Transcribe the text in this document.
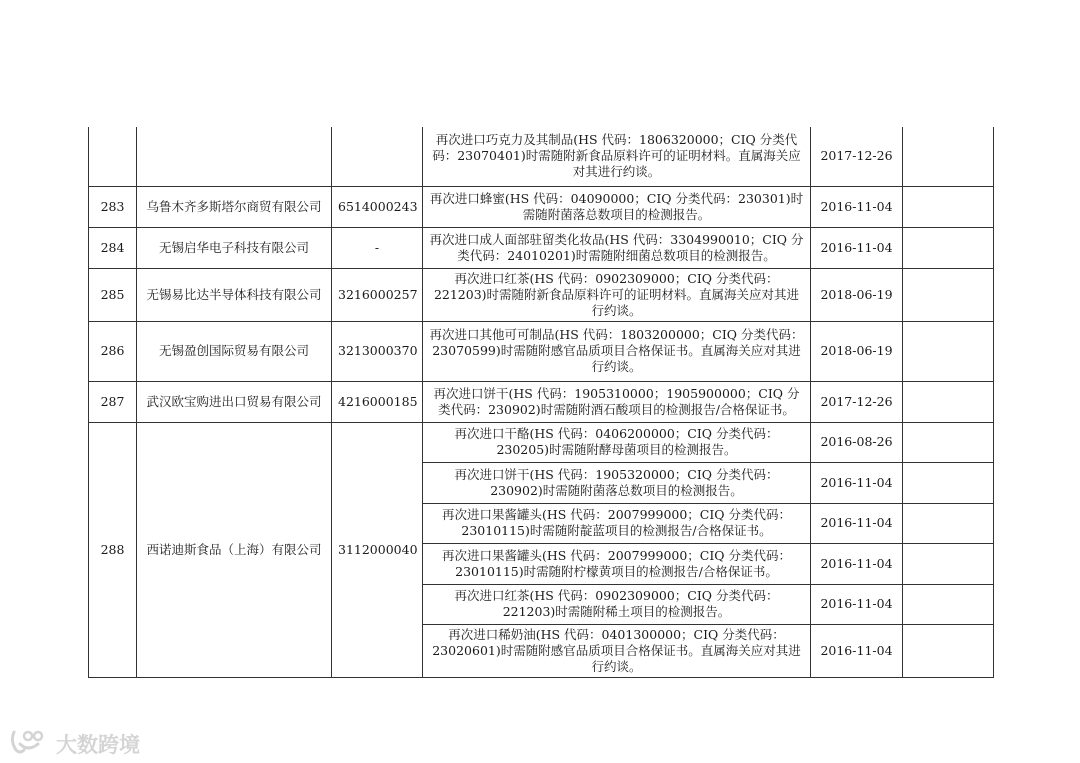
			再次进口巧克力及其制品(HS 代码：1806320000；CIQ 分类代码：23070401)时需随附新食品原料许可的证明材料。直属海关应对其进行约谈。	2017-12-26	
283	乌鲁木齐多斯塔尔商贸有限公司	6514000243	再次进口蜂蜜(HS 代码：04090000；CIQ 分类代码：230301)时需随附菌落总数项目的检测报告。	2016-11-04	
284	无锡启华电子科技有限公司	-	再次进口成人面部驻留类化妆品(HS 代码：3304990010；CIQ 分类代码：24010201)时需随附细菌总数项目的检测报告。	2016-11-04	
285	无锡易比达半导体科技有限公司	3216000257	再次进口红茶(HS 代码：0902309000；CIQ 分类代码：221203)时需随附新食品原料许可的证明材料。直属海关应对其进行约谈。	2018-06-19	
286	无锡盈创国际贸易有限公司	3213000370	再次进口其他可可制品(HS 代码：1803200000；CIQ 分类代码：23070599)时需随附感官品质项目合格保证书。直属海关应对其进行约谈。	2018-06-19	
287	武汉欧宝购进出口贸易有限公司	4216000185	再次进口饼干(HS 代码：1905310000；1905900000；CIQ 分类代码：230902)时需随附酒石酸项目的检测报告/合格保证书。	2017-12-26	
288	西诺迪斯食品（上海）有限公司	3112000040	再次进口干酪(HS 代码：0406200000；CIQ 分类代码：230205)时需随附酵母菌项目的检测报告。	2016-08-26	
			再次进口饼干(HS 代码：1905320000；CIQ 分类代码：230902)时需随附菌落总数项目的检测报告。	2016-11-04	
			再次进口果酱罐头(HS 代码：2007999000；CIQ 分类代码：23010115)时需随附靛蓝项目的检测报告/合格保证书。	2016-11-04	
			再次进口果酱罐头(HS 代码：2007999000；CIQ 分类代码：23010115)时需随附柠檬黄项目的检测报告/合格保证书。	2016-11-04	
			再次进口红茶(HS 代码：0902309000；CIQ 分类代码：221203)时需随附稀土项目的检测报告。	2016-11-04	
			再次进口稀奶油(HS 代码：0401300000；CIQ 分类代码：23020601)时需随附感官品质项目合格保证书。直属海关应对其进行约谈。	2016-11-04	
大数跨境
